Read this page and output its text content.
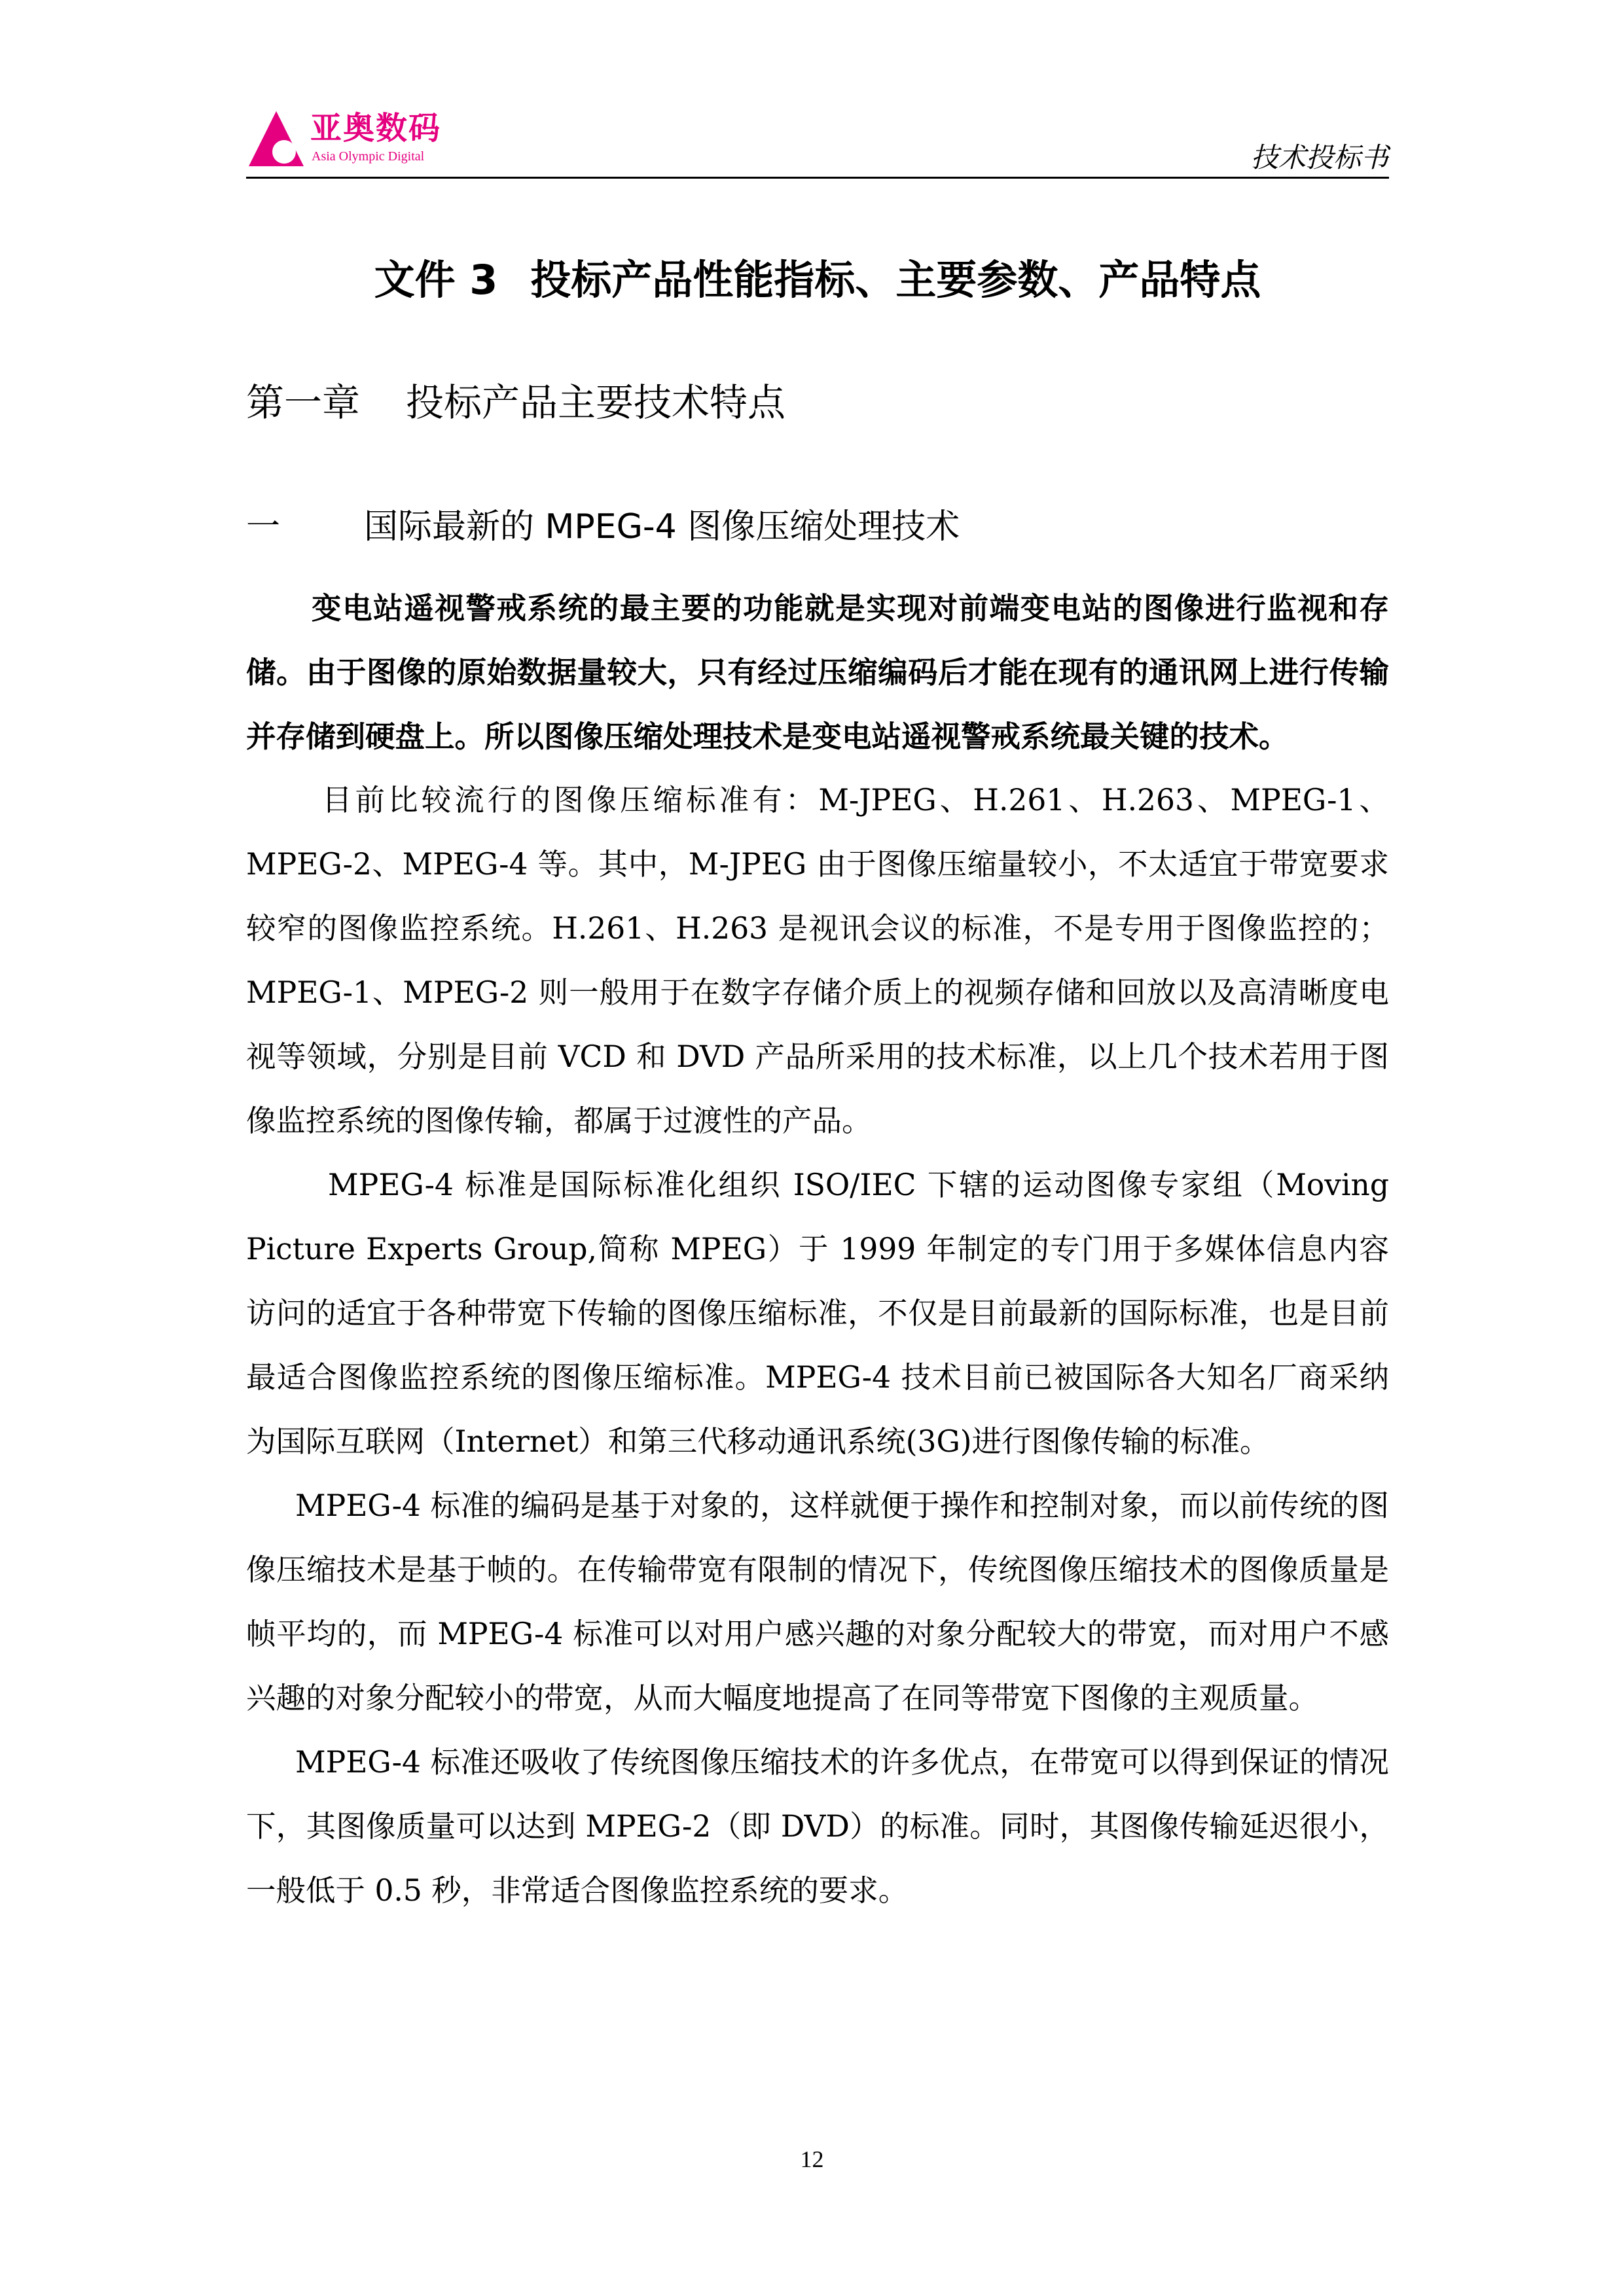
亚奥数码
Asia Olympic Digital	技术投标书
文件 3 投标产品性能指标、主要参数、产品特点
第一章 投标产品主要技术特点
一 国际最新的 MPEG-4 图像压缩处理技术

变电站遥视警戒系统的最主要的功能就是实现对前端变电站的图像进行监视和存储。由于图像的原始数据量较大，只有经过压缩编码后才能在现有的通讯网上进行传输并存储到硬盘上。所以图像压缩处理技术是变电站遥视警戒系统最关键的技术。

目前比较流行的图像压缩标准有：M-JPEG、H.261、H.263、MPEG-1、MPEG-2、MPEG-4 等。其中，M-JPEG 由于图像压缩量较小，不太适宜于带宽要求较窄的图像监控系统。H.261、H.263 是视讯会议的标准，不是专用于图像监控的；MPEG-1、MPEG-2 则一般用于在数字存储介质上的视频存储和回放以及高清晰度电视等领域，分别是目前 VCD 和 DVD 产品所采用的技术标准，以上几个技术若用于图像监控系统的图像传输，都属于过渡性的产品。

MPEG-4 标准是国际标准化组织 ISO/IEC 下辖的运动图像专家组（Moving Picture Experts Group,简称 MPEG）于 1999 年制定的专门用于多媒体信息内容访问的适宜于各种带宽下传输的图像压缩标准，不仅是目前最新的国际标准，也是目前最适合图像监控系统的图像压缩标准。MPEG-4 技术目前已被国际各大知名厂商采纳为国际互联网（Internet）和第三代移动通讯系统(3G)进行图像传输的标准。

MPEG-4 标准的编码是基于对象的，这样就便于操作和控制对象，而以前传统的图像压缩技术是基于帧的。在传输带宽有限制的情况下，传统图像压缩技术的图像质量是帧平均的，而 MPEG-4 标准可以对用户感兴趣的对象分配较大的带宽，而对用户不感兴趣的对象分配较小的带宽，从而大幅度地提高了在同等带宽下图像的主观质量。

MPEG-4 标准还吸收了传统图像压缩技术的许多优点，在带宽可以得到保证的情况下，其图像质量可以达到 MPEG-2（即 DVD）的标准。同时，其图像传输延迟很小，一般低于 0.5 秒，非常适合图像监控系统的要求。

12
